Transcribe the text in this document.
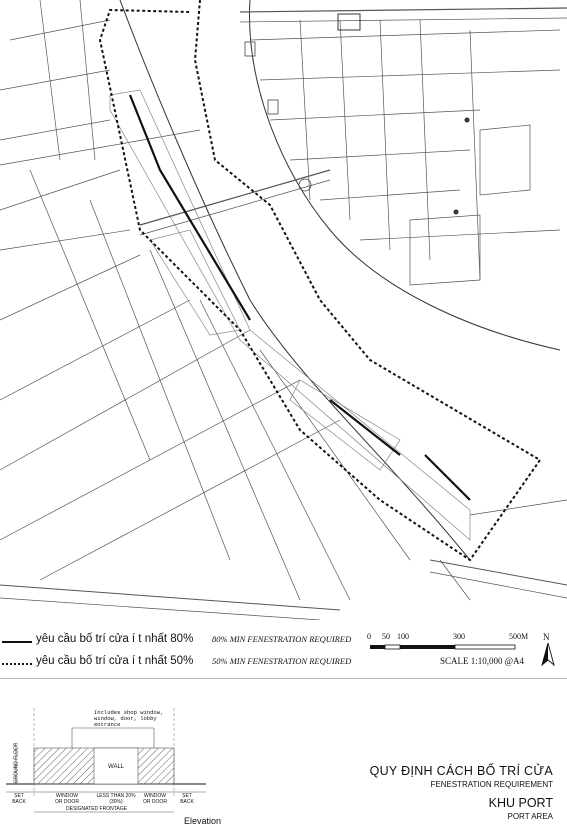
yêu cầu bố trí cửa í t nhất 80% 80% MIN FENESTRATION REQUIRED
yêu cầu bố trí cửa í t nhất 50% 50% MIN FENESTRATION REQUIRED
0 50 100	300	500M
SCALE 1:10,000 @A4
N
Includes shop window, window, door, lobby entrance
WALL
GROUND FLOOR
SET BACK
WINDOW OR DOOR
LESS THAN 20% (30%)
WINDOW OR DOOR
SET BACK
DESIGNATED FRONTAGE
Elevation
QUY ĐỊNH CÁCH BỐ TRÍ CỬA
FENESTRATION REQUIREMENT
KHU PORT
PORT AREA
